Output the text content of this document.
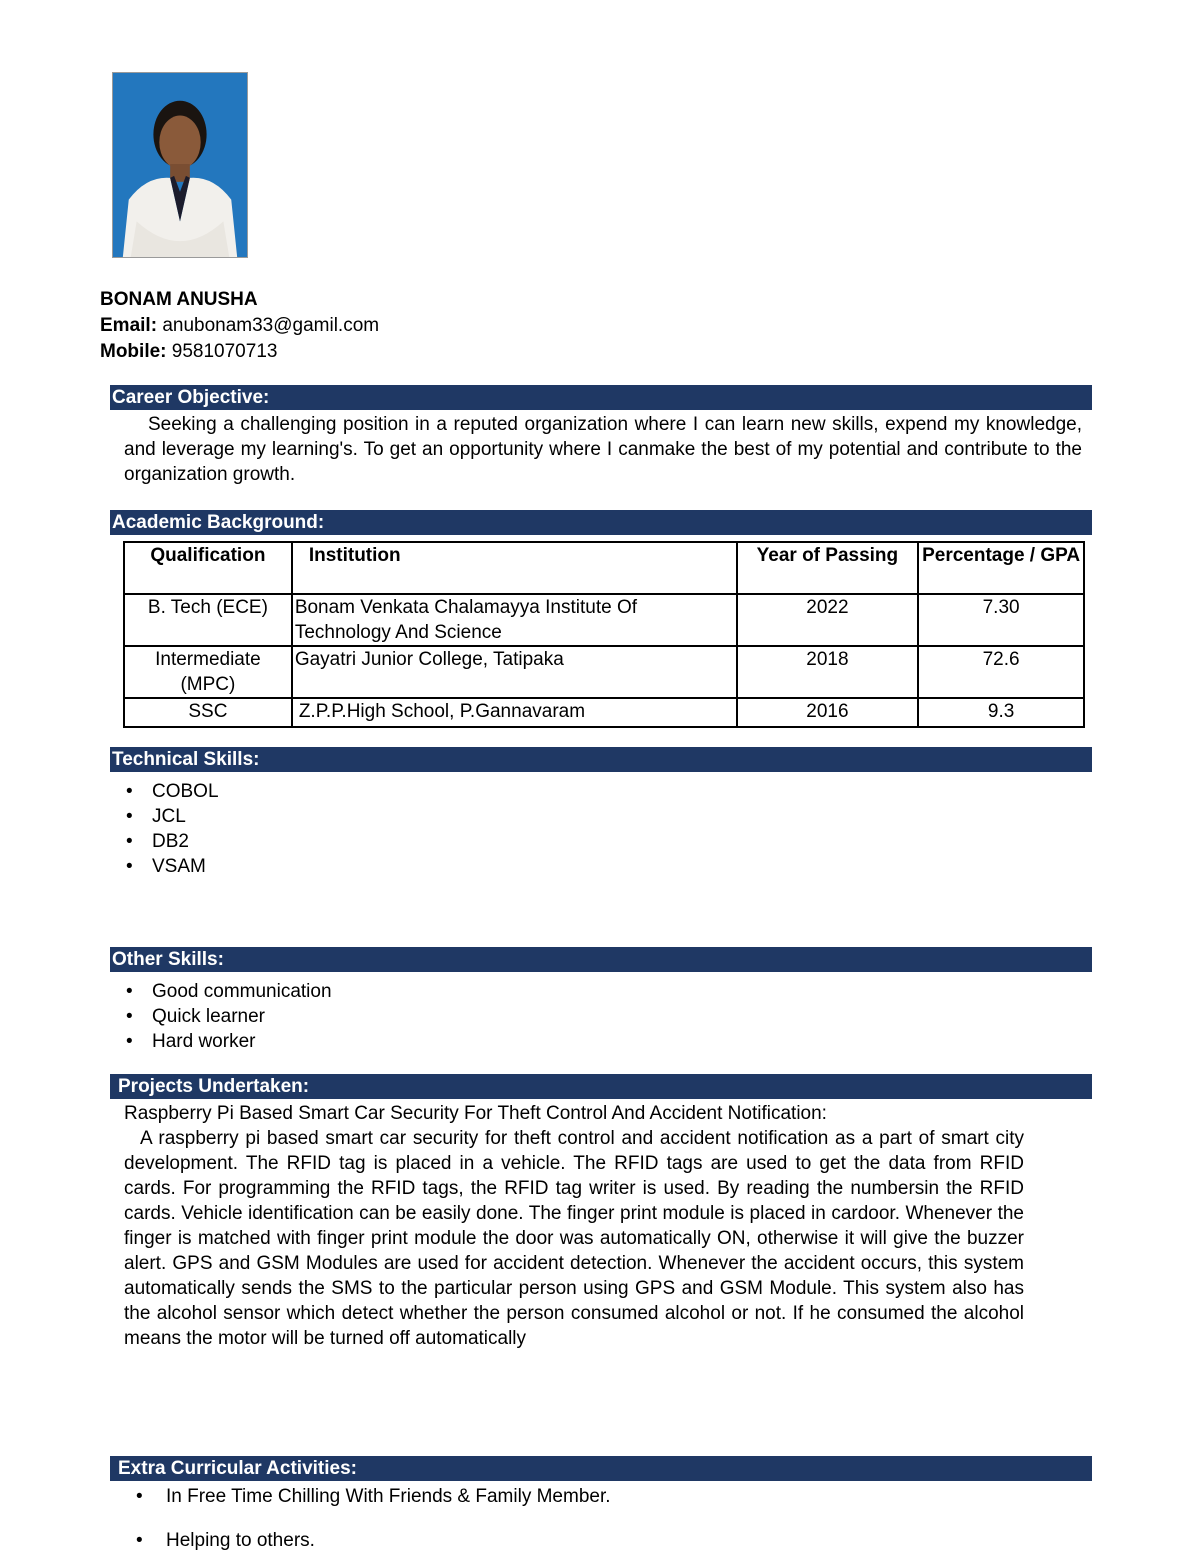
BONAM ANUSHA
Email: anubonam33@gamil.com
Mobile: 9581070713
Career Objective:

Seeking a challenging position in a reputed organization where I can learn new skills, expend my knowledge, and leverage my learning's. To get an opportunity where I canmake the best of my potential and contribute to the organization growth.

Academic Background:
Qualification	Institution	Year of Passing	Percentage / GPA
B. Tech (ECE)	Bonam Venkata Chalamayya Institute Of Technology And Science	2022	7.30
Intermediate (MPC)	Gayatri Junior College, Tatipaka	2018	72.6
SSC	Z.P.P.High School, P.Gannavaram	2016	9.3
Technical Skills:
• COBOL
• JCL
• DB2
• VSAM
Other Skills:
• Good communication
• Quick learner
• Hard worker
Projects Undertaken:

Raspberry Pi Based Smart Car Security For Theft Control And Accident Notification:

A raspberry pi based smart car security for theft control and accident notification as a part of smart city development. The RFID tag is placed in a vehicle. The RFID tags are used to get the data from RFID cards. For programming the RFID tags, the RFID tag writer is used. By reading the numbersin the RFID cards. Vehicle identification can be easily done. The finger print module is placed in cardoor. Whenever the finger is matched with finger print module the door was automatically ON, otherwise it will give the buzzer alert. GPS and GSM Modules are used for accident detection. Whenever the accident occurs, this system automatically sends the SMS to the particular person using GPS and GSM Module. This system also has the alcohol sensor which detect whether the person consumed alcohol or not. If he consumed the alcohol means the motor will be turned off automatically

Extra Curricular Activities:
• In Free Time Chilling With Friends & Family Member.
• Helping to others.
